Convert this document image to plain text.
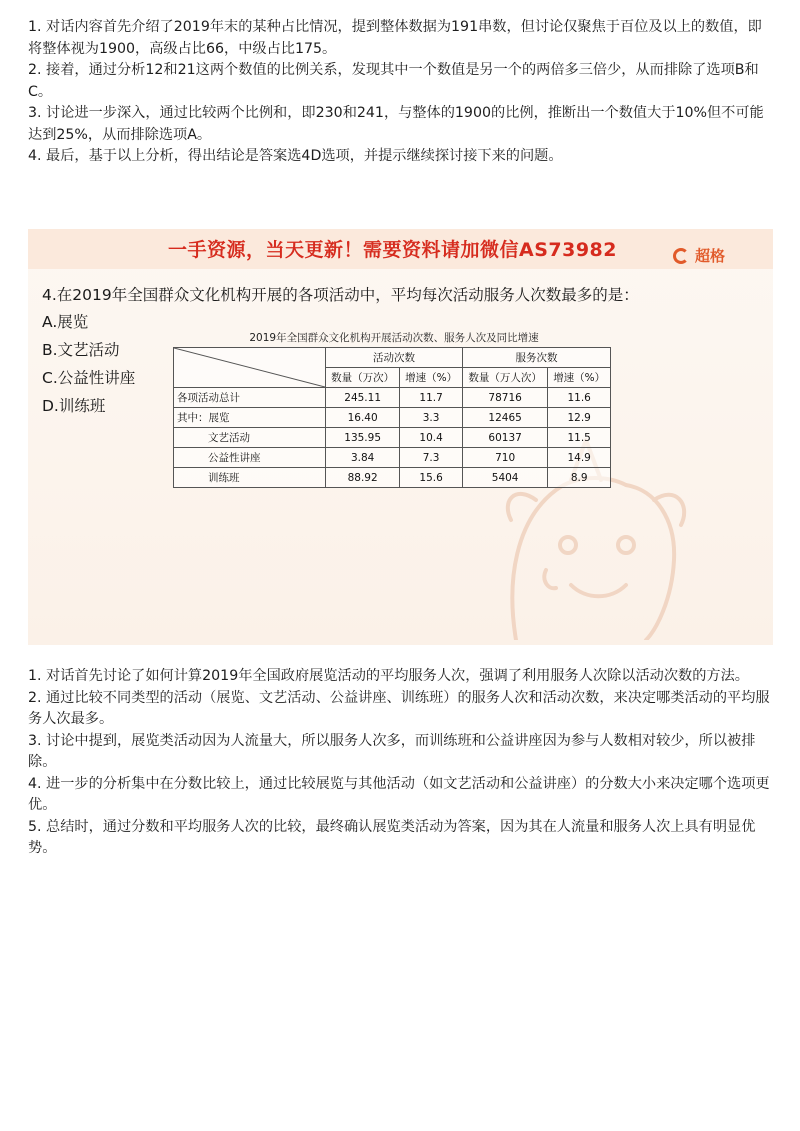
1. 对话内容首先介绍了2019年末的某种占比情况，提到整体数据为191串数，但讨论仅聚焦于百位及以上的数值，即将整体视为1900，高级占比66，中级占比175。

2. 接着，通过分析12和21这两个数值的比例关系，发现其中一个数值是另一个的两倍多三倍少，从而排除了选项B和C。

3. 讨论进一步深入，通过比较两个比例和，即230和241，与整体的1900的比例，推断出一个数值大于10%但不可能达到25%，从而排除选项A。

4. 最后，基于以上分析，得出结论是答案选4D选项，并提示继续探讨接下来的问题。

一手资源，当天更新！需要资料请加微信AS73982	超格
4.在2019年全国群众文化机构开展的各项活动中，平均每次活动服务人次数最多的是：
A.展览
B.文艺活动
C.公益性讲座
D.训练班
2019年全国群众文化机构开展活动次数、服务人次及同比增速
	活动次数		服务次数	
	数量（万次）	增速（%）	数量（万人次）	增速（%）
各项活动总计	245.11	11.7	78716	11.6
其中：展览	16.40	3.3	12465	12.9
文艺活动	135.95	10.4	60137	11.5
公益性讲座	3.84	7.3	710	14.9
训练班	88.92	15.6	5404	8.9

1. 对话首先讨论了如何计算2019年全国政府展览活动的平均服务人次，强调了利用服务人次除以活动次数的方法。

2. 通过比较不同类型的活动（展览、文艺活动、公益讲座、训练班）的服务人次和活动次数，来决定哪类活动的平均服务人次最多。

3. 讨论中提到，展览类活动因为人流量大，所以服务人次多，而训练班和公益讲座因为参与人数相对较少，所以被排除。

4. 进一步的分析集中在分数比较上，通过比较展览与其他活动（如文艺活动和公益讲座）的分数大小来决定哪个选项更优。

5. 总结时，通过分数和平均服务人次的比较，最终确认展览类活动为答案，因为其在人流量和服务人次上具有明显优势。
